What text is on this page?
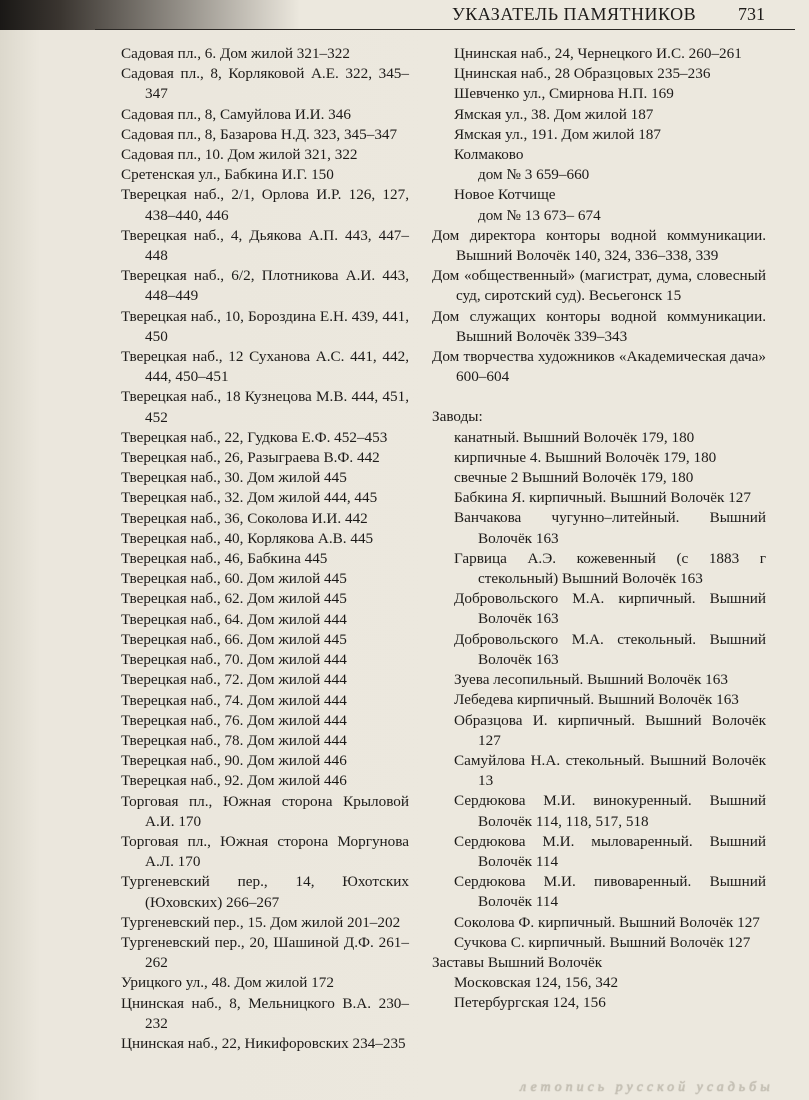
УКАЗАТЕЛЬ ПАМЯТНИКОВ 731
Садовая пл., 6. Дом жилой 321–322
Садовая пл., 8, Корляковой А.Е. 322, 345–347
Садовая пл., 8, Самуйлова И.И. 346
Садовая пл., 8, Базарова Н.Д. 323, 345–347
Садовая пл., 10. Дом жилой 321, 322
Сретенская ул., Бабкина И.Г. 150
Тверецкая наб., 2/1, Орлова И.Р. 126, 127, 438–440, 446
Тверецкая наб., 4, Дьякова А.П. 443, 447–448
Тверецкая наб., 6/2, Плотникова А.И. 443, 448–449
Тверецкая наб., 10, Бороздина Е.Н. 439, 441, 450
Тверецкая наб., 12 Суханова А.С. 441, 442, 444, 450–451
Тверецкая наб., 18 Кузнецова М.В. 444, 451, 452
Тверецкая наб., 22, Гудкова Е.Ф. 452–453
Тверецкая наб., 26, Разыграева В.Ф. 442
Тверецкая наб., 30. Дом жилой 445
Тверецкая наб., 32. Дом жилой 444, 445
Тверецкая наб., 36, Соколова И.И. 442
Тверецкая наб., 40, Корлякова А.В. 445
Тверецкая наб., 46, Бабкина 445
Тверецкая наб., 60. Дом жилой 445
Тверецкая наб., 62. Дом жилой 445
Тверецкая наб., 64. Дом жилой 444
Тверецкая наб., 66. Дом жилой 445
Тверецкая наб., 70. Дом жилой 444
Тверецкая наб., 72. Дом жилой 444
Тверецкая наб., 74. Дом жилой 444
Тверецкая наб., 76. Дом жилой 444
Тверецкая наб., 78. Дом жилой 444
Тверецкая наб., 90. Дом жилой 446
Тверецкая наб., 92. Дом жилой 446
Торговая пл., Южная сторона Крыловой А.И. 170
Торговая пл., Южная сторона Моргунова А.Л. 170
Тургеневский пер., 14, Юхотских (Юховских) 266–267
Тургеневский пер., 15. Дом жилой 201–202
Тургеневский пер., 20, Шашиной Д.Ф. 261–262
Урицкого ул., 48. Дом жилой 172
Цнинская наб., 8, Мельницкого В.А. 230–232
Цнинская наб., 22, Никифоровских 234–235
Цнинская наб., 24, Чернецкого И.С. 260–261
Цнинская наб., 28 Образцовых 235–236
Шевченко ул., Смирнова Н.П. 169
Ямская ул., 38. Дом жилой 187
Ямская ул., 191. Дом жилой 187
Колмаково
дом № 3 659–660
Новое Котчище
дом № 13 673– 674
Дом директора конторы водной коммуникации. Вышний Волочёк 140, 324, 336–338, 339
Дом «общественный» (магистрат, дума, словесный суд, сиротский суд). Весьегонск 15
Дом служащих конторы водной коммуникации. Вышний Волочёк 339–343
Дом творчества художников «Академическая дача» 600–604
Заводы:
канатный. Вышний Волочёк 179, 180
кирпичные 4. Вышний Волочёк 179, 180
свечные 2 Вышний Волочёк 179, 180
Бабкина Я. кирпичный. Вышний Волочёк 127
Ванчакова чугунно–литейный. Вышний Волочёк 163
Гарвица А.Э. кожевенный (с 1883 г стекольный) Вышний Волочёк 163
Добровольского М.А. кирпичный. Вышний Волочёк 163
Добровольского М.А. стекольный. Вышний Волочёк 163
Зуева лесопильный. Вышний Волочёк 163
Лебедева кирпичный. Вышний Волочёк 163
Образцова И. кирпичный. Вышний Волочёк 127
Самуйлова Н.А. стекольный. Вышний Волочёк 13
Сердюкова М.И. винокуренный. Вышний Волочёк 114, 118, 517, 518
Сердюкова М.И. мыловаренный. Вышний Волочёк 114
Сердюкова М.И. пивоваренный. Вышний Волочёк 114
Соколова Ф. кирпичный. Вышний Волочёк 127
Сучкова С. кирпичный. Вышний Волочёк 127
Заставы Вышний Волочёк
Московская 124, 156, 342
Петербургская 124, 156
летопись русской усадьбы
